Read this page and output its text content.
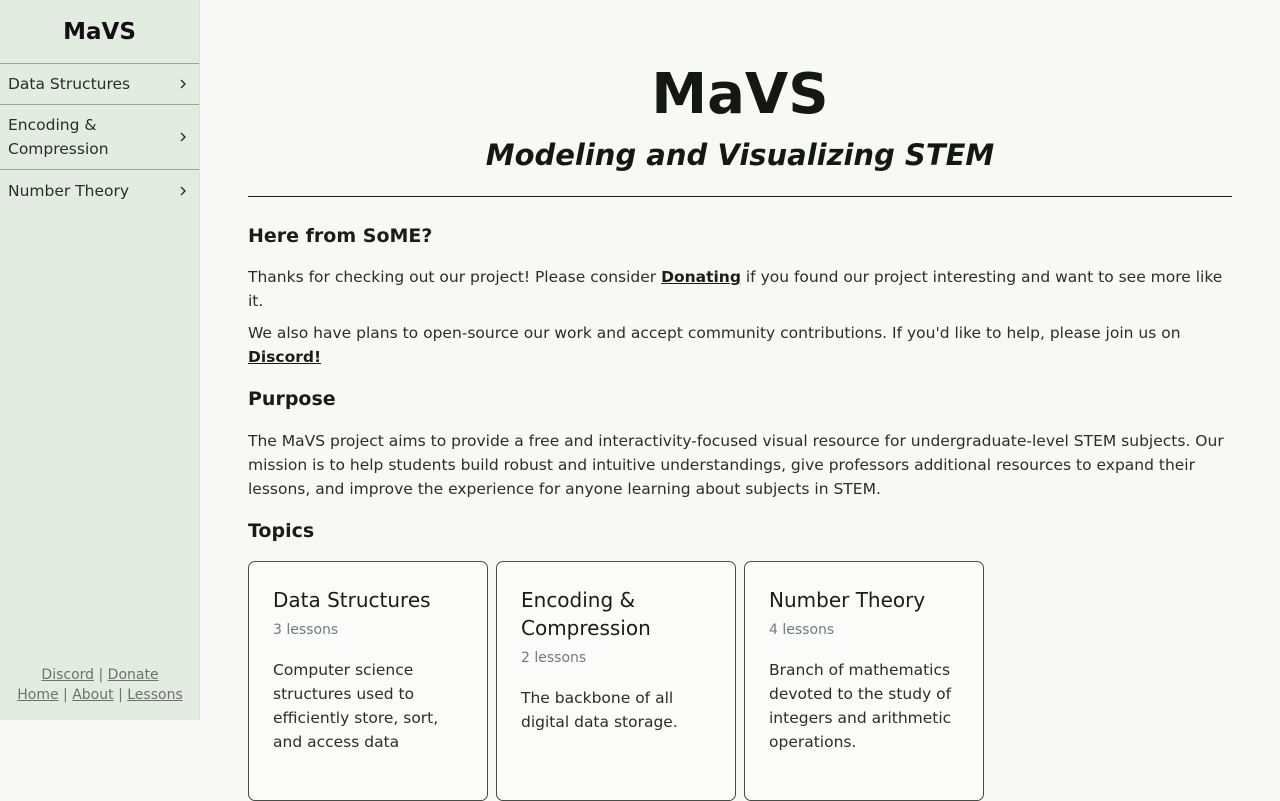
MaVS
Data Structures
Encoding & Compression
Number Theory
Discord | Donate
Home | About | Lessons
MaVS
Modeling and Visualizing STEM
Here from SoME?

Thanks for checking out our project! Please consider Donating if you found our project interesting and want to see more like it.

We also have plans to open-source our work and accept community contributions. If you'd like to help, please join us on Discord!

Purpose

The MaVS project aims to provide a free and interactivity-focused visual resource for undergraduate-level STEM subjects. Our mission is to help students build robust and intuitive understandings, give professors additional resources to expand their lessons, and improve the experience for anyone learning about subjects in STEM.

Topics
Data Structures
3 lessons
Computer science structures used to efficiently store, sort, and access data
Encoding & Compression
2 lessons
The backbone of all digital data storage.
Number Theory
4 lessons
Branch of mathematics devoted to the study of integers and arithmetic operations.
